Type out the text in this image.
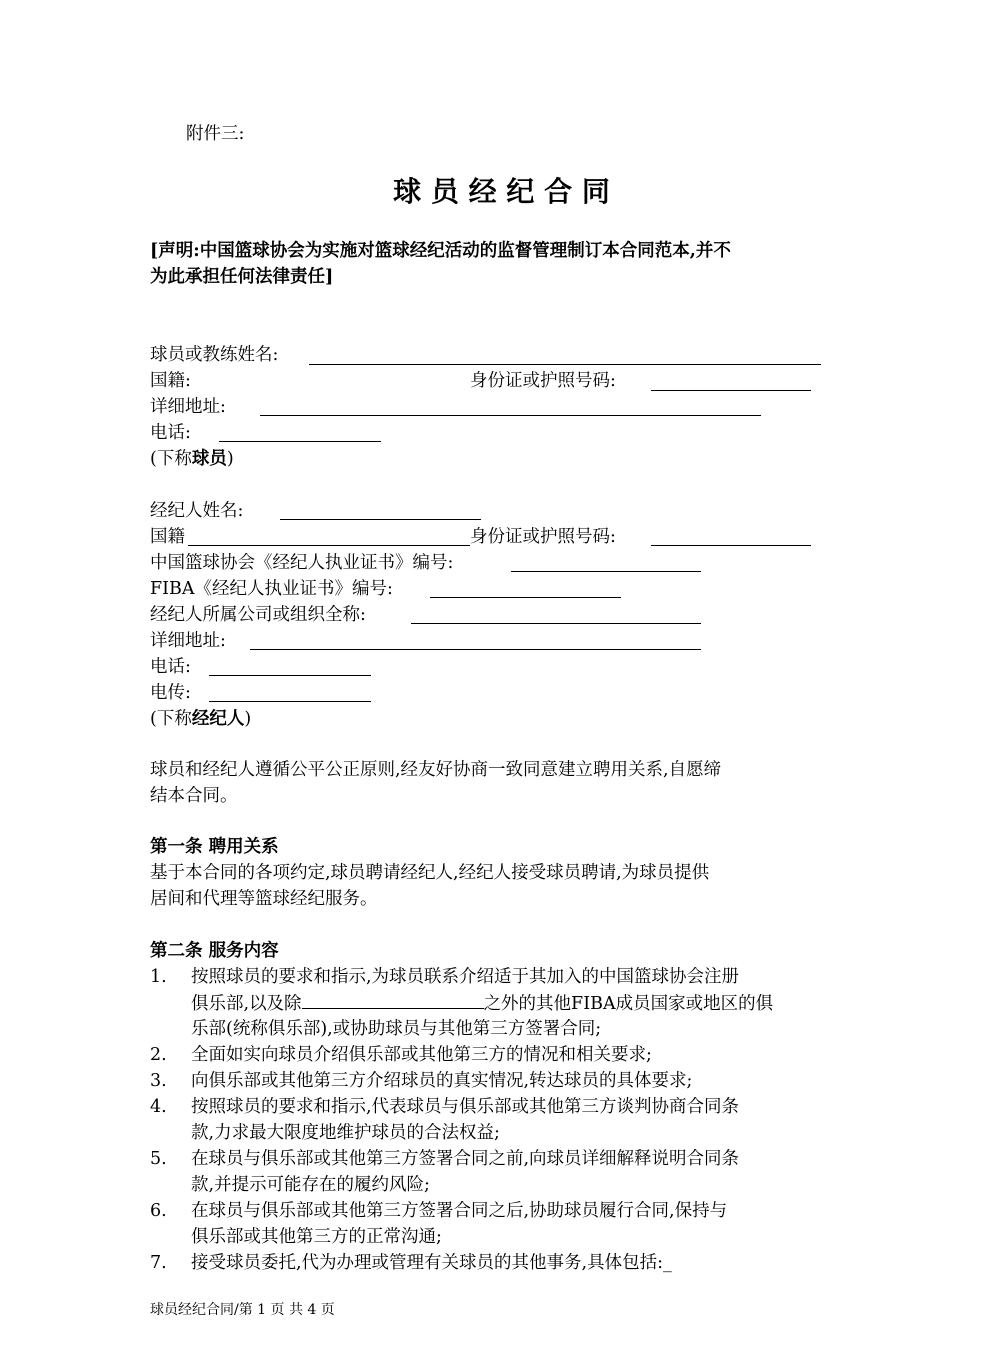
附件三:
球 员 经 纪 合 同
[声明:中国篮球协会为实施对篮球经纪活动的监督管理制订本合同范本,并不
为此承担任何法律责任]
球员或教练姓名:
国籍:	身份证或护照号码:
详细地址:
电话:
(下称球员)
经纪人姓名:
国籍	身份证或护照号码:
中国篮球协会《经纪人执业证书》编号:
FIBA《经纪人执业证书》编号:
经纪人所属公司或组织全称:
详细地址:
电话:
电传:
(下称经纪人)
球员和经纪人遵循公平公正原则,经友好协商一致同意建立聘用关系,自愿缔
结本合同。
第一条 聘用关系
基于本合同的各项约定,球员聘请经纪人,经纪人接受球员聘请,为球员提供
居间和代理等篮球经纪服务。
第二条 服务内容
1.	按照球员的要求和指示,为球员联系介绍适于其加入的中国篮球协会注册
俱乐部,以及除	之外的其他FIBA成员国家或地区的俱
乐部(统称俱乐部),或协助球员与其他第三方签署合同;
2.	全面如实向球员介绍俱乐部或其他第三方的情况和相关要求;
3.	向俱乐部或其他第三方介绍球员的真实情况,转达球员的具体要求;
4.	按照球员的要求和指示,代表球员与俱乐部或其他第三方谈判协商合同条
款,力求最大限度地维护球员的合法权益;
5.	在球员与俱乐部或其他第三方签署合同之前,向球员详细解释说明合同条
款,并提示可能存在的履约风险;
6.	在球员与俱乐部或其他第三方签署合同之后,协助球员履行合同,保持与
俱乐部或其他第三方的正常沟通;
7.	接受球员委托,代为办理或管理有关球员的其他事务,具体包括:_
球员经纪合同/第 1 页 共 4 页
